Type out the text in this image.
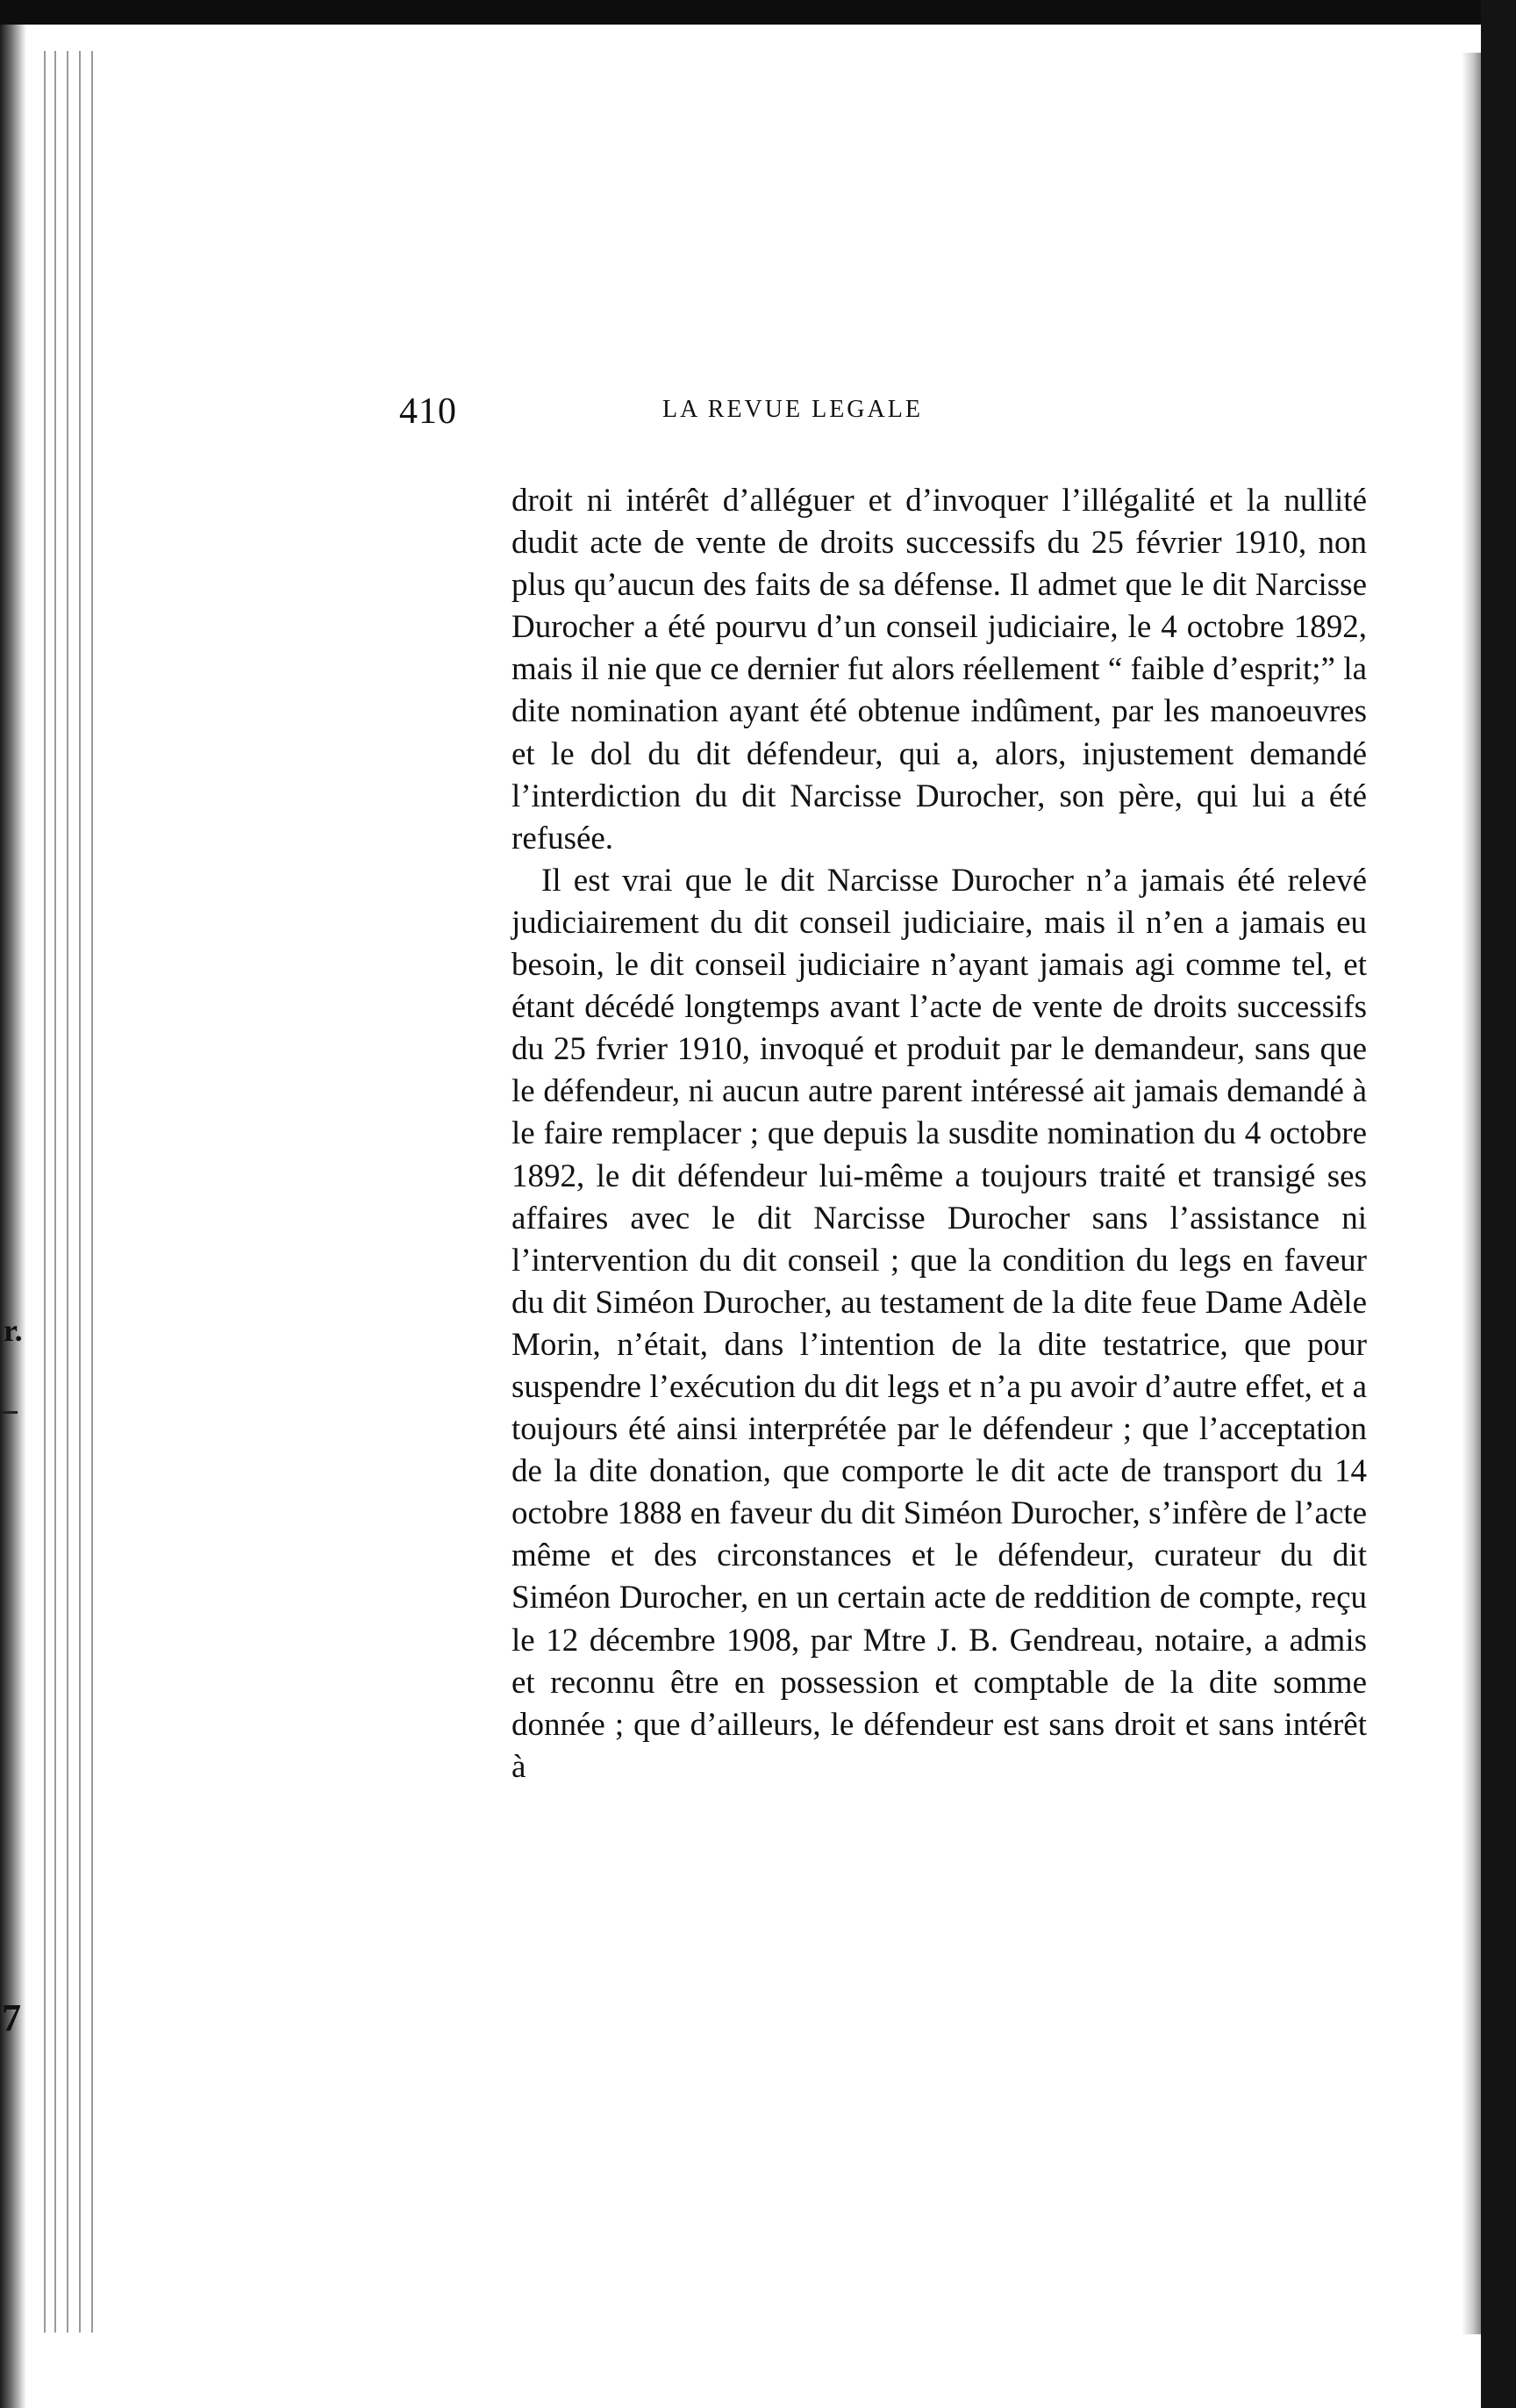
r.
7
410	LA REVUE LEGALE

droit ni intérêt d’alléguer et d’invoquer l’illégalité et la nullité dudit acte de vente de droits successifs du 25 février 1910, non plus qu’aucun des faits de sa défense. Il admet que le dit Narcisse Durocher a été pourvu d’un conseil judiciaire, le 4 octobre 1892, mais il nie que ce dernier fut alors réellement “ faible d’esprit;” la dite nomination ayant été obtenue indûment, par les manoeuvres et le dol du dit défendeur, qui a, alors, injustement demandé l’interdiction du dit Narcisse Durocher, son père, qui lui a été refusée.

Il est vrai que le dit Narcisse Durocher n’a jamais été relevé judiciairement du dit conseil judiciaire, mais il n’en a jamais eu besoin, le dit conseil judiciaire n’ayant jamais agi comme tel, et étant décédé longtemps avant l’acte de vente de droits successifs du 25 fvrier 1910, invoqué et produit par le demandeur, sans que le défendeur, ni aucun autre parent intéressé ait jamais demandé à le faire remplacer ; que depuis la susdite nomination du 4 octobre 1892, le dit défendeur lui-même a toujours traité et transigé ses affaires avec le dit Narcisse Durocher sans l’assistance ni l’intervention du dit conseil ; que la condition du legs en faveur du dit Siméon Durocher, au testament de la dite feue Dame Adèle Morin, n’était, dans l’intention de la dite testatrice, que pour suspendre l’exécution du dit legs et n’a pu avoir d’autre effet, et a toujours été ainsi interprétée par le défendeur ; que l’acceptation de la dite donation, que comporte le dit acte de transport du 14 octobre 1888 en faveur du dit Siméon Durocher, s’infère de l’acte même et des circonstances et le défendeur, curateur du dit Siméon Durocher, en un certain acte de reddition de compte, reçu le 12 décembre 1908, par Mtre J. B. Gendreau, notaire, a admis et reconnu être en possession et comptable de la dite somme donnée ; que d’ailleurs, le défendeur est sans droit et sans intérêt à
